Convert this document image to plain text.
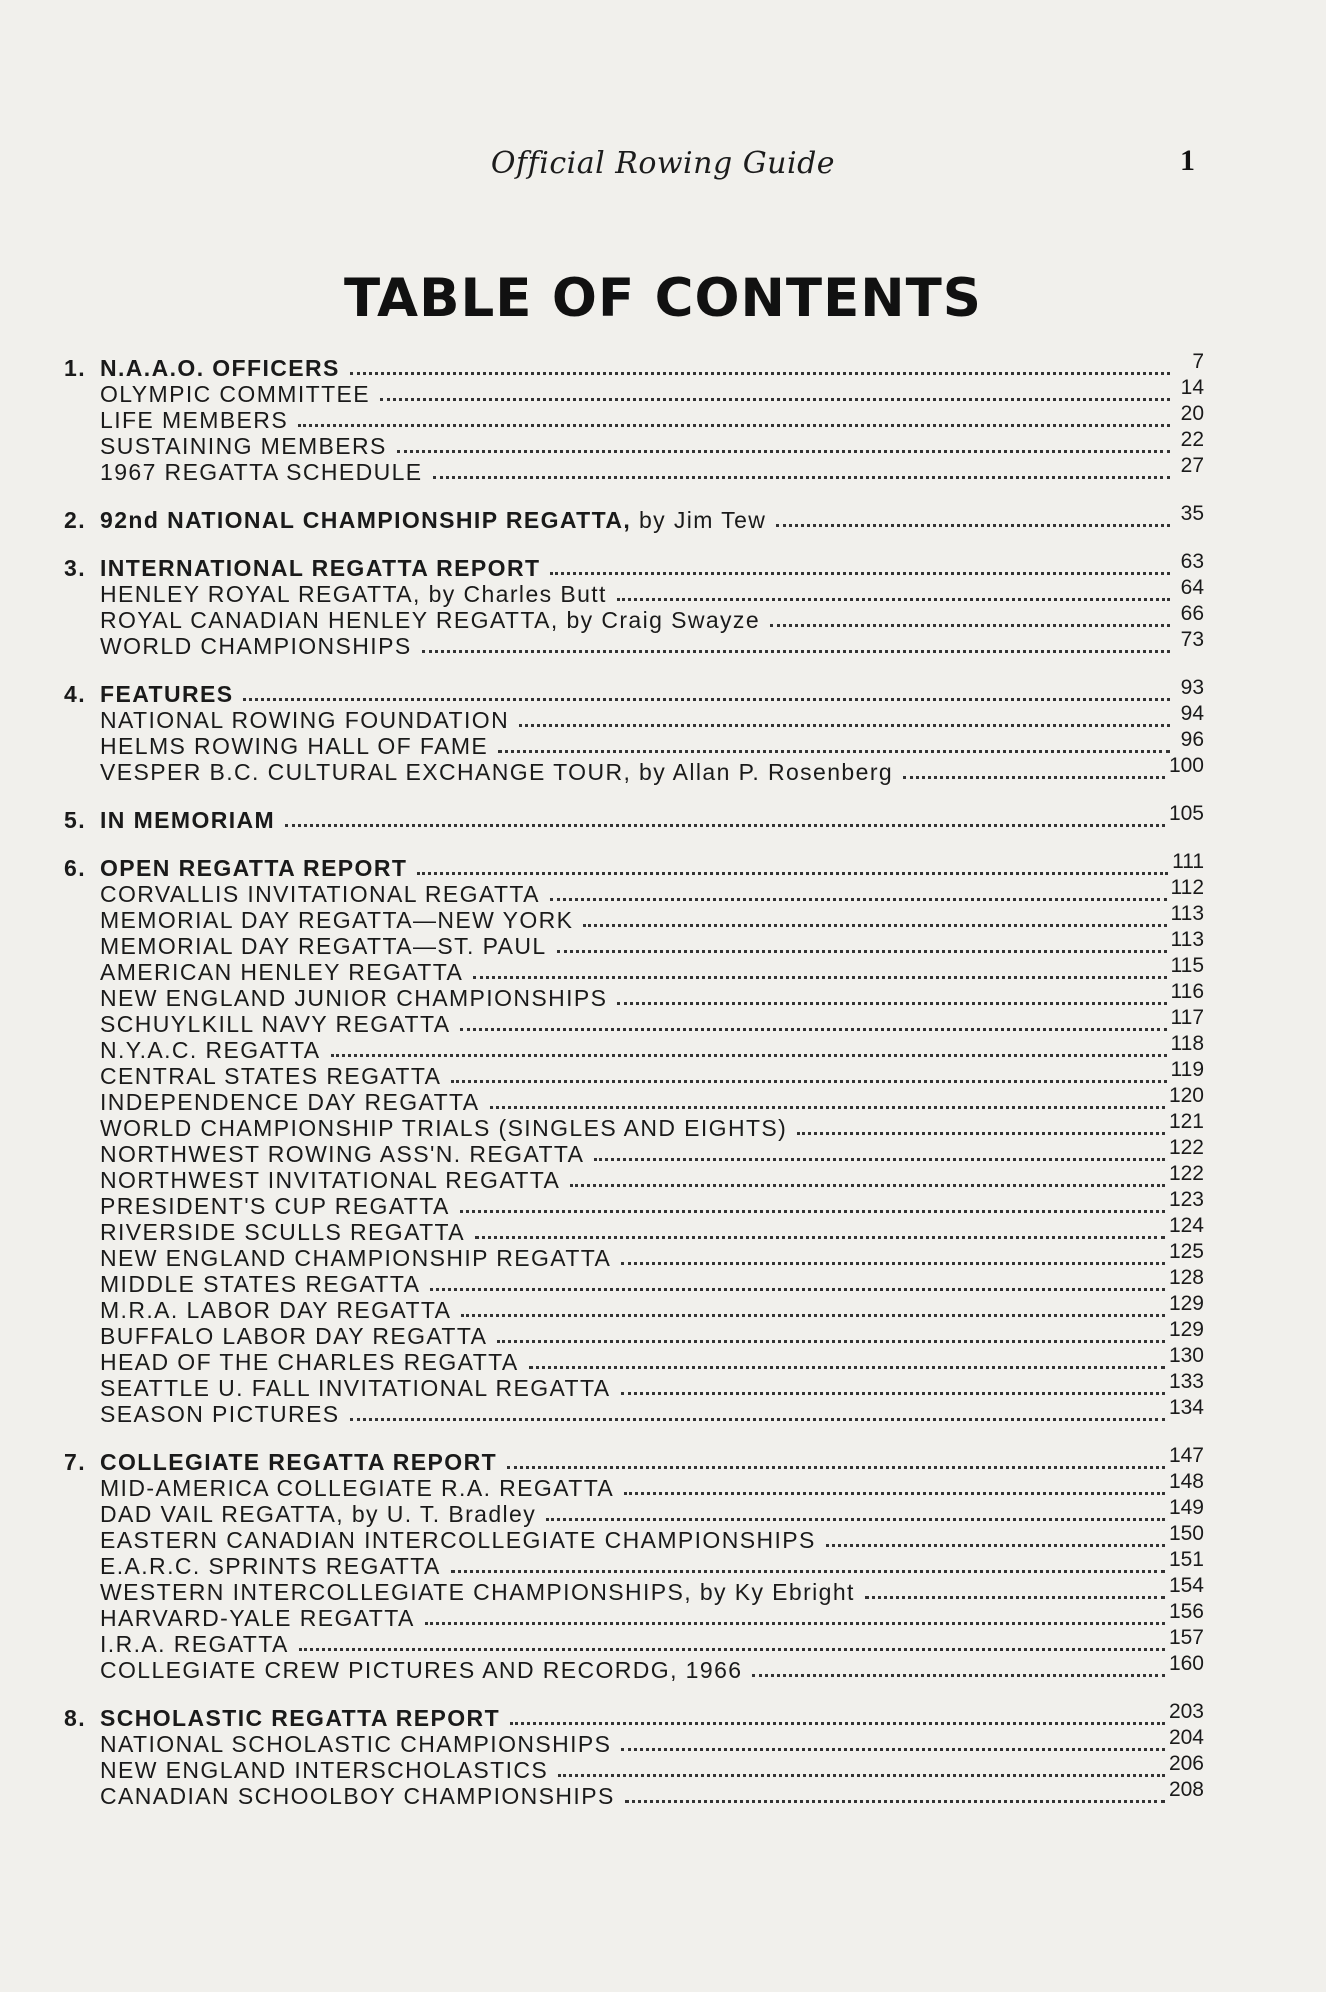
Official Rowing Guide	1
TABLE OF CONTENTS
1. N.A.A.O. OFFICERS	7
OLYMPIC COMMITTEE	14
LIFE MEMBERS	20
SUSTAINING MEMBERS	22
1967 REGATTA SCHEDULE	27
2. 92nd NATIONAL CHAMPIONSHIP REGATTA, by Jim Tew	35
3. INTERNATIONAL REGATTA REPORT	63
HENLEY ROYAL REGATTA, by Charles Butt	64
ROYAL CANADIAN HENLEY REGATTA, by Craig Swayze	66
WORLD CHAMPIONSHIPS	73
4. FEATURES	93
NATIONAL ROWING FOUNDATION	94
HELMS ROWING HALL OF FAME	96
VESPER B.C. CULTURAL EXCHANGE TOUR, by Allan P. Rosenberg	100
5. IN MEMORIAM	105
6. OPEN REGATTA REPORT	111
CORVALLIS INVITATIONAL REGATTA	112
MEMORIAL DAY REGATTA—NEW YORK	113
MEMORIAL DAY REGATTA—ST. PAUL	113
AMERICAN HENLEY REGATTA	115
NEW ENGLAND JUNIOR CHAMPIONSHIPS	116
SCHUYLKILL NAVY REGATTA	117
N.Y.A.C. REGATTA	118
CENTRAL STATES REGATTA	119
INDEPENDENCE DAY REGATTA	120
WORLD CHAMPIONSHIP TRIALS (SINGLES AND EIGHTS)	121
NORTHWEST ROWING ASS'N. REGATTA	122
NORTHWEST INVITATIONAL REGATTA	122
PRESIDENT'S CUP REGATTA	123
RIVERSIDE SCULLS REGATTA	124
NEW ENGLAND CHAMPIONSHIP REGATTA	125
MIDDLE STATES REGATTA	128
M.R.A. LABOR DAY REGATTA	129
BUFFALO LABOR DAY REGATTA	129
HEAD OF THE CHARLES REGATTA	130
SEATTLE U. FALL INVITATIONAL REGATTA	133
SEASON PICTURES	134
7. COLLEGIATE REGATTA REPORT	147
MID-AMERICA COLLEGIATE R.A. REGATTA	148
DAD VAIL REGATTA, by U. T. Bradley	149
EASTERN CANADIAN INTERCOLLEGIATE CHAMPIONSHIPS	150
E.A.R.C. SPRINTS REGATTA	151
WESTERN INTERCOLLEGIATE CHAMPIONSHIPS, by Ky Ebright	154
HARVARD-YALE REGATTA	156
I.R.A. REGATTA	157
COLLEGIATE CREW PICTURES AND RECORDG, 1966	160
8. SCHOLASTIC REGATTA REPORT	203
NATIONAL SCHOLASTIC CHAMPIONSHIPS	204
NEW ENGLAND INTERSCHOLASTICS	206
CANADIAN SCHOOLBOY CHAMPIONSHIPS	208
